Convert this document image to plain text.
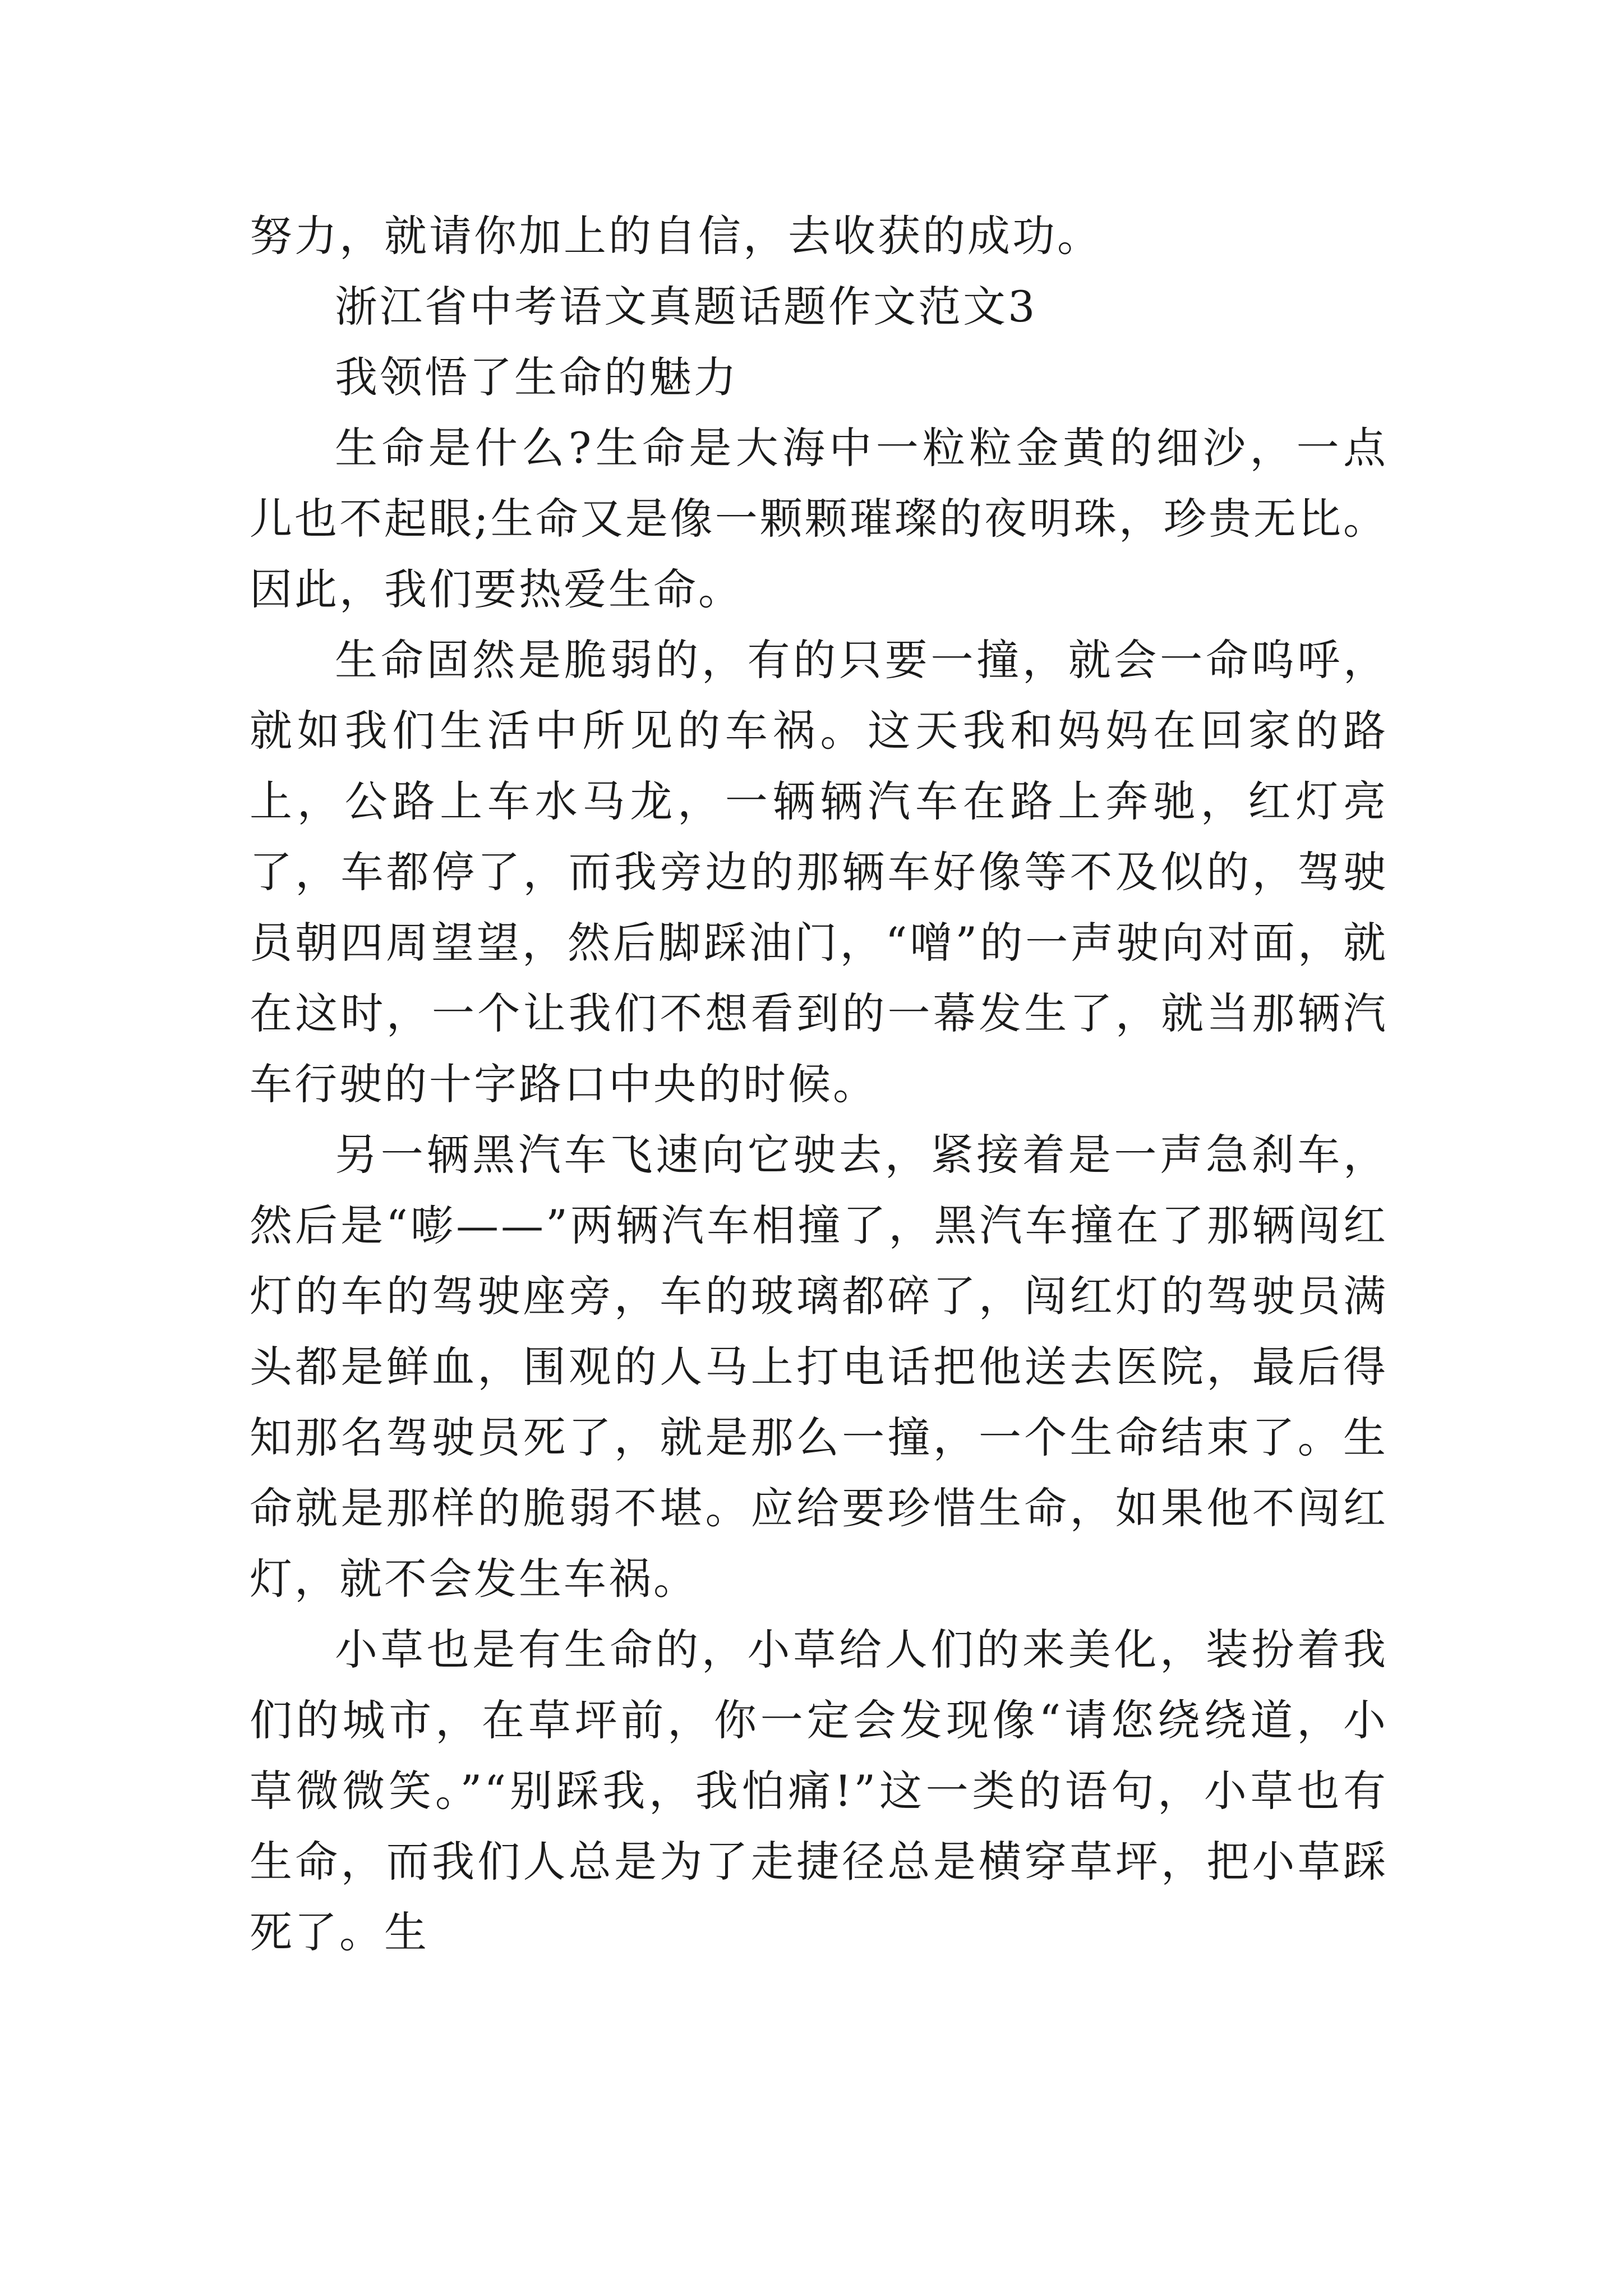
努力，就请你加上的自信，去收获的成功。

浙江省中考语文真题话题作文范文3

我领悟了生命的魅力

生命是什么?生命是大海中一粒粒金黄的细沙，一点儿也不起眼;生命又是像一颗颗璀璨的夜明珠，珍贵无比。因此，我们要热爱生命。

生命固然是脆弱的，有的只要一撞，就会一命呜呼，就如我们生活中所见的车祸。这天我和妈妈在回家的路上，公路上车水马龙，一辆辆汽车在路上奔驰，红灯亮了，车都停了，而我旁边的那辆车好像等不及似的，驾驶员朝四周望望，然后脚踩油门，“噌”的一声驶向对面，就在这时，一个让我们不想看到的一幕发生了，就当那辆汽车行驶的十字路口中央的时候。

另一辆黑汽车飞速向它驶去，紧接着是一声急刹车，然后是“嘭——”两辆汽车相撞了，黑汽车撞在了那辆闯红灯的车的驾驶座旁，车的玻璃都碎了，闯红灯的驾驶员满头都是鲜血，围观的人马上打电话把他送去医院，最后得知那名驾驶员死了，就是那么一撞，一个生命结束了。生命就是那样的脆弱不堪。应给要珍惜生命，如果他不闯红灯，就不会发生车祸。

小草也是有生命的，小草给人们的来美化，装扮着我们的城市，在草坪前，你一定会发现像“请您绕绕道，小草微微笑。”“别踩我，我怕痛!”这一类的语句，小草也有生命，而我们人总是为了走捷径总是横穿草坪，把小草踩死了。生
